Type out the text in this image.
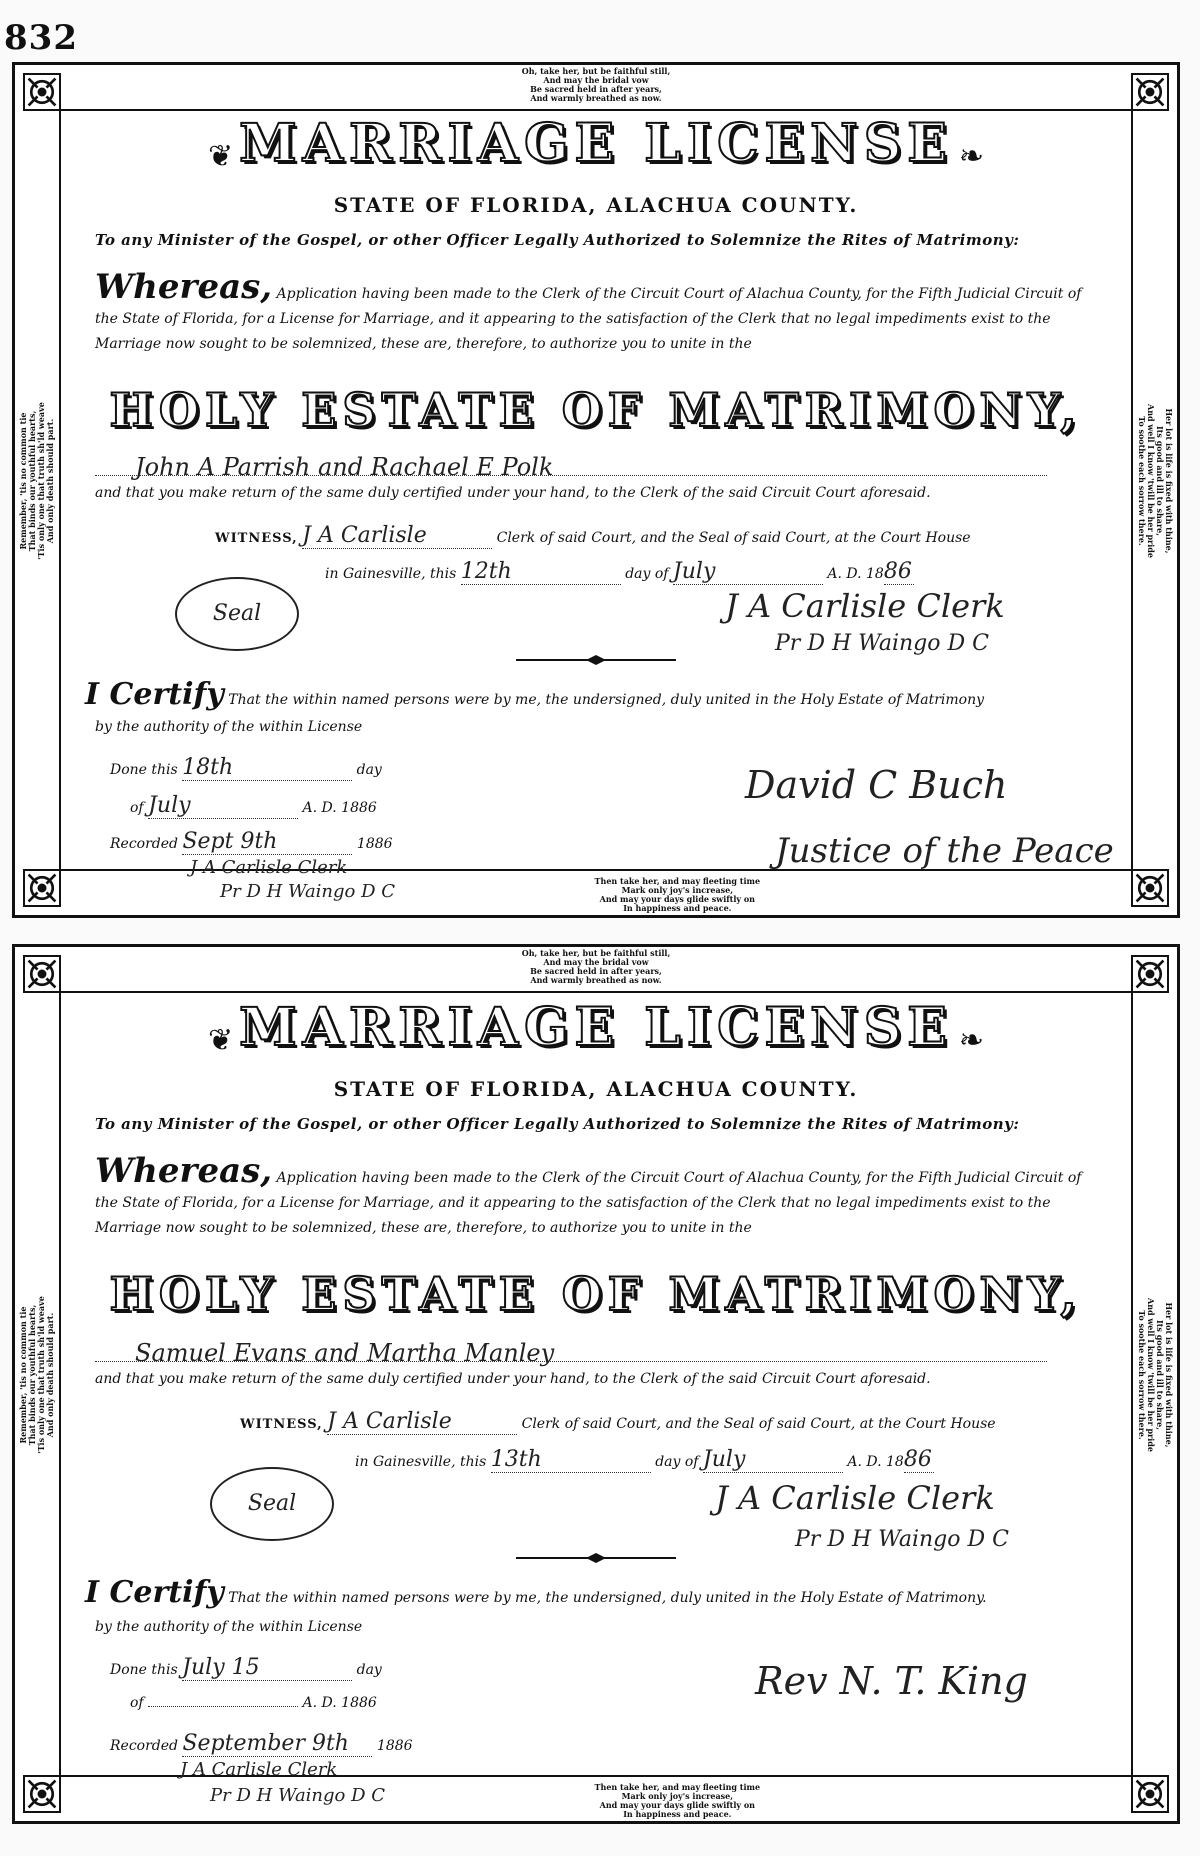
832
Oh, take her, but be faithful still,
And may the bridal vow
Be sacred held in after years,
And warmly breathed as now.
Then take her, and may fleeting time
Mark only joy's increase,
And may your days glide swiftly on
In happiness and peace.
Remember, 'tis no common tie
That binds our youthful hearts,
'Tis only one that truth sh'ld weave
And only death should part.
Her lot is life is fixed with thine,
Its good and ill to share,
And well I know 'twill be her pride
To soothe each sorrow there.
❦ MARRIAGE LICENSE ❧
STATE OF FLORIDA, ALACHUA COUNTY.
To any Minister of the Gospel, or other Officer Legally Authorized to Solemnize the Rites of Matrimony:
Whereas, Application having been made to the Clerk of the Circuit Court of Alachua County, for the Fifth Judicial Circuit of the State of Florida, for a License for Marriage, and it appearing to the satisfaction of the Clerk that no legal impediments exist to the Marriage now sought to be solemnized, these are, therefore, to authorize you to unite in the
HOLY ESTATE OF MATRIMONY,
John A Parrish and Rachael E Polk
and that you make return of the same duly certified under your hand, to the Clerk of the said Circuit Court aforesaid.
WITNESS, J A Carlisle	Clerk of said Court, and the Seal of said Court, at the Court House
in Gainesville, this 12th	day of July	A. D. 1886
Seal	J A Carlisle Clerk
Pr D H Waingo D C
I Certify That the within named persons were by me, the undersigned, duly united in the Holy Estate of Matrimony
by the authority of the within License
Done this 18th	day
of July	A. D. 1886
Recorded Sept 9th	1886
J A Carlisle Clerk
Pr D H Waingo D C
David C Buch
Justice of the Peace
Oh, take her, but be faithful still,
And may the bridal vow
Be sacred held in after years,
And warmly breathed as now.
Then take her, and may fleeting time
Mark only joy's increase,
And may your days glide swiftly on
In happiness and peace.
Remember, 'tis no common tie
That binds our youthful hearts,
'Tis only one that truth sh'ld weave
And only death should part.
Her lot is life is fixed with thine,
Its good and ill to share,
And well I know 'twill be her pride
To soothe each sorrow there.
❦ MARRIAGE LICENSE ❧
STATE OF FLORIDA, ALACHUA COUNTY.
To any Minister of the Gospel, or other Officer Legally Authorized to Solemnize the Rites of Matrimony:
Whereas, Application having been made to the Clerk of the Circuit Court of Alachua County, for the Fifth Judicial Circuit of the State of Florida, for a License for Marriage, and it appearing to the satisfaction of the Clerk that no legal impediments exist to the Marriage now sought to be solemnized, these are, therefore, to authorize you to unite in the
HOLY ESTATE OF MATRIMONY,
Samuel Evans and Martha Manley
and that you make return of the same duly certified under your hand, to the Clerk of the said Circuit Court aforesaid.
WITNESS, J A Carlisle	Clerk of said Court, and the Seal of said Court, at the Court House
in Gainesville, this 13th	day of July	A. D. 1886
Seal	J A Carlisle Clerk
Pr D H Waingo D C
I Certify That the within named persons were by me, the undersigned, duly united in the Holy Estate of Matrimony.
by the authority of the within License
Done this July 15	day
of	A. D. 1886
Recorded September 9th 1886
J A Carlisle Clerk
Pr D H Waingo D C
Rev N. T. King
